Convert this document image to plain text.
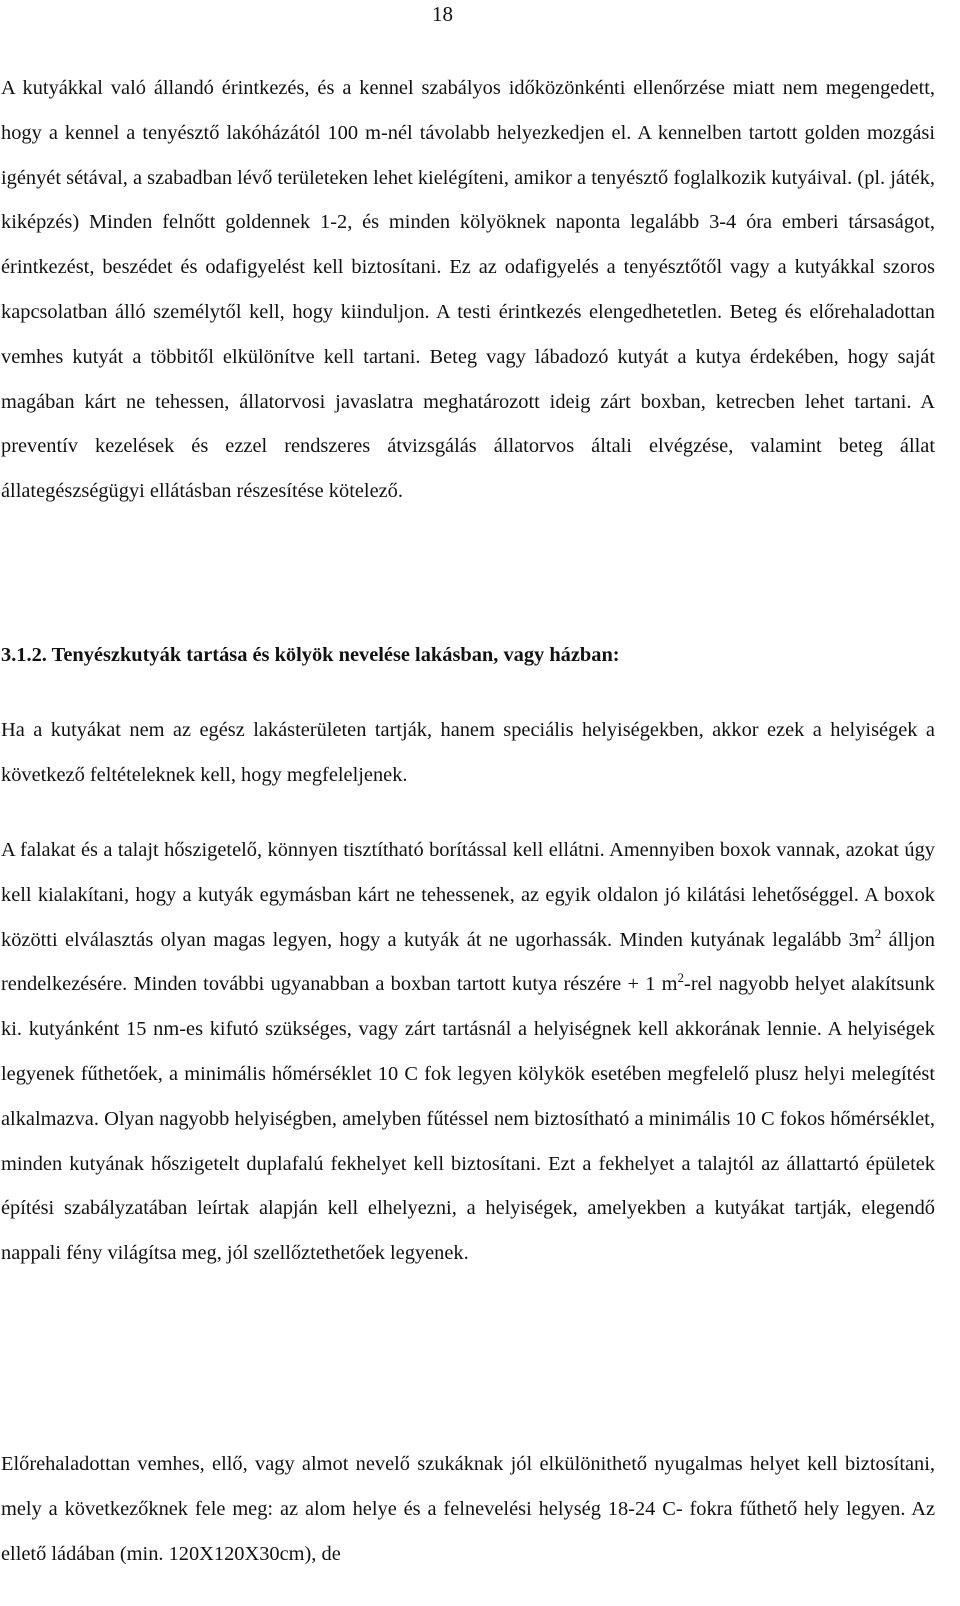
18

A kutyákkal való állandó érintkezés, és a kennel szabályos időközönkénti ellenőrzése miatt nem megengedett, hogy a kennel a tenyésztő lakóházától 100 m-nél távolabb helyezkedjen el. A kennelben tartott golden mozgási igényét sétával, a szabadban lévő területeken lehet kielégíteni, amikor a tenyésztő foglalkozik kutyáival. (pl. játék, kiképzés) Minden felnőtt goldennek 1-2, és minden kölyöknek naponta legalább 3-4 óra emberi társaságot, érintkezést, beszédet és odafigyelést kell biztosítani. Ez az odafigyelés a tenyésztőtől vagy a kutyákkal szoros kapcsolatban álló személytől kell, hogy kiinduljon. A testi érintkezés elengedhetetlen. Beteg és előrehaladottan vemhes kutyát a többitől elkülönítve kell tartani. Beteg vagy lábadozó kutyát a kutya érdekében, hogy saját magában kárt ne tehessen, állatorvosi javaslatra meghatározott ideig zárt boxban, ketrecben lehet tartani. A preventív kezelések és ezzel rendszeres átvizsgálás állatorvos általi elvégzése, valamint beteg állat állategészségügyi ellátásban részesítése kötelező.

3.1.2. Tenyészkutyák tartása és kölyök nevelése lakásban, vagy házban:

Ha a kutyákat nem az egész lakásterületen tartják, hanem speciális helyiségekben, akkor ezek a helyiségek a következő feltételeknek kell, hogy megfeleljenek.

A falakat és a talajt hőszigetelő, könnyen tisztítható borítással kell ellátni. Amennyiben boxok vannak, azokat úgy kell kialakítani, hogy a kutyák egymásban kárt ne tehessenek, az egyik oldalon jó kilátási lehetőséggel. A boxok közötti elválasztás olyan magas legyen, hogy a kutyák át ne ugorhassák. Minden kutyának legalább $3m^2$ álljon rendelkezésére. Minden további ugyanabban a boxban tartott kutya részére + 1 $m^2$-rel nagyobb helyet alakítsunk ki. kutyánként 15 nm-es kifutó szükséges, vagy zárt tartásnál a helyiségnek kell akkorának lennie. A helyiségek legyenek fűthetőek, a minimális hőmérséklet 10 C fok legyen kölykök esetében megfelelő plusz helyi melegítést alkalmazva. Olyan nagyobb helyiségben, amelyben fűtéssel nem biztosítható a minimális 10 C fokos hőmérséklet, minden kutyának hőszigetelt duplafalú fekhelyet kell biztosítani. Ezt a fekhelyet a talajtól az állattartó épületek építési szabályzatában leírtak alapján kell elhelyezni, a helyiségek, amelyekben a kutyákat tartják, elegendő nappali fény világítsa meg, jól szellőztethetőek legyenek.

Előrehaladottan vemhes, ellő, vagy almot nevelő szukáknak jól elkülönithető nyugalmas helyet kell biztosítani, mely a következőknek fele meg: az alom helye és a felnevelési helység 18-24 C- fokra fűthető hely legyen. Az ellető ládában (min. 120X120X30cm), de
